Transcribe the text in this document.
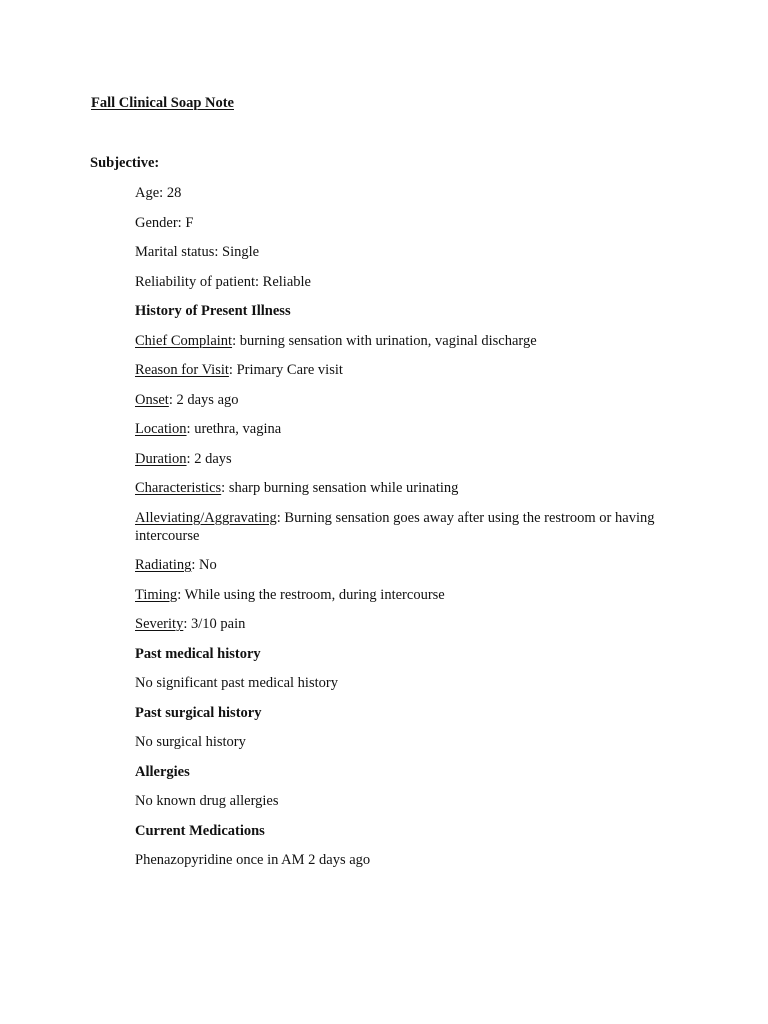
Fall Clinical Soap Note
Subjective:

Age: 28

Gender: F

Marital status: Single

Reliability of patient: Reliable

History of Present Illness

Chief Complaint: burning sensation with urination, vaginal discharge

Reason for Visit: Primary Care visit

Onset: 2 days ago

Location: urethra, vagina

Duration: 2 days

Characteristics: sharp burning sensation while urinating

Alleviating/Aggravating: Burning sensation goes away after using the restroom or having intercourse

Radiating: No

Timing: While using the restroom, during intercourse

Severity: 3/10 pain

Past medical history

No significant past medical history

Past surgical history

No surgical history

Allergies

No known drug allergies

Current Medications

Phenazopyridine once in AM 2 days ago
